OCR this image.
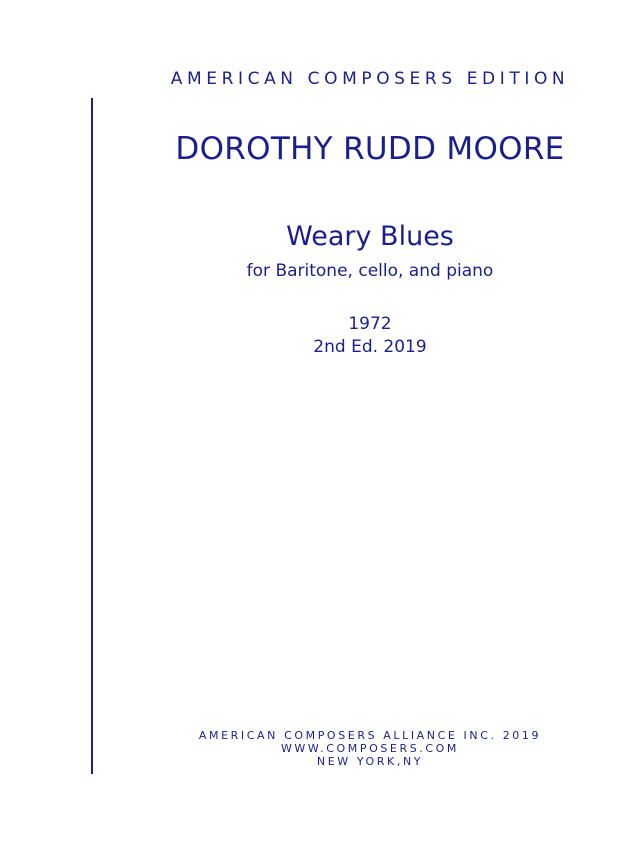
AMERICAN COMPOSERS EDITION
DOROTHY RUDD MOORE
Weary Blues
for Baritone, cello, and piano
1972
2nd Ed. 2019
AMERICAN COMPOSERS ALLIANCE INC. 2019
WWW.COMPOSERS.COM
NEW YORK,NY
